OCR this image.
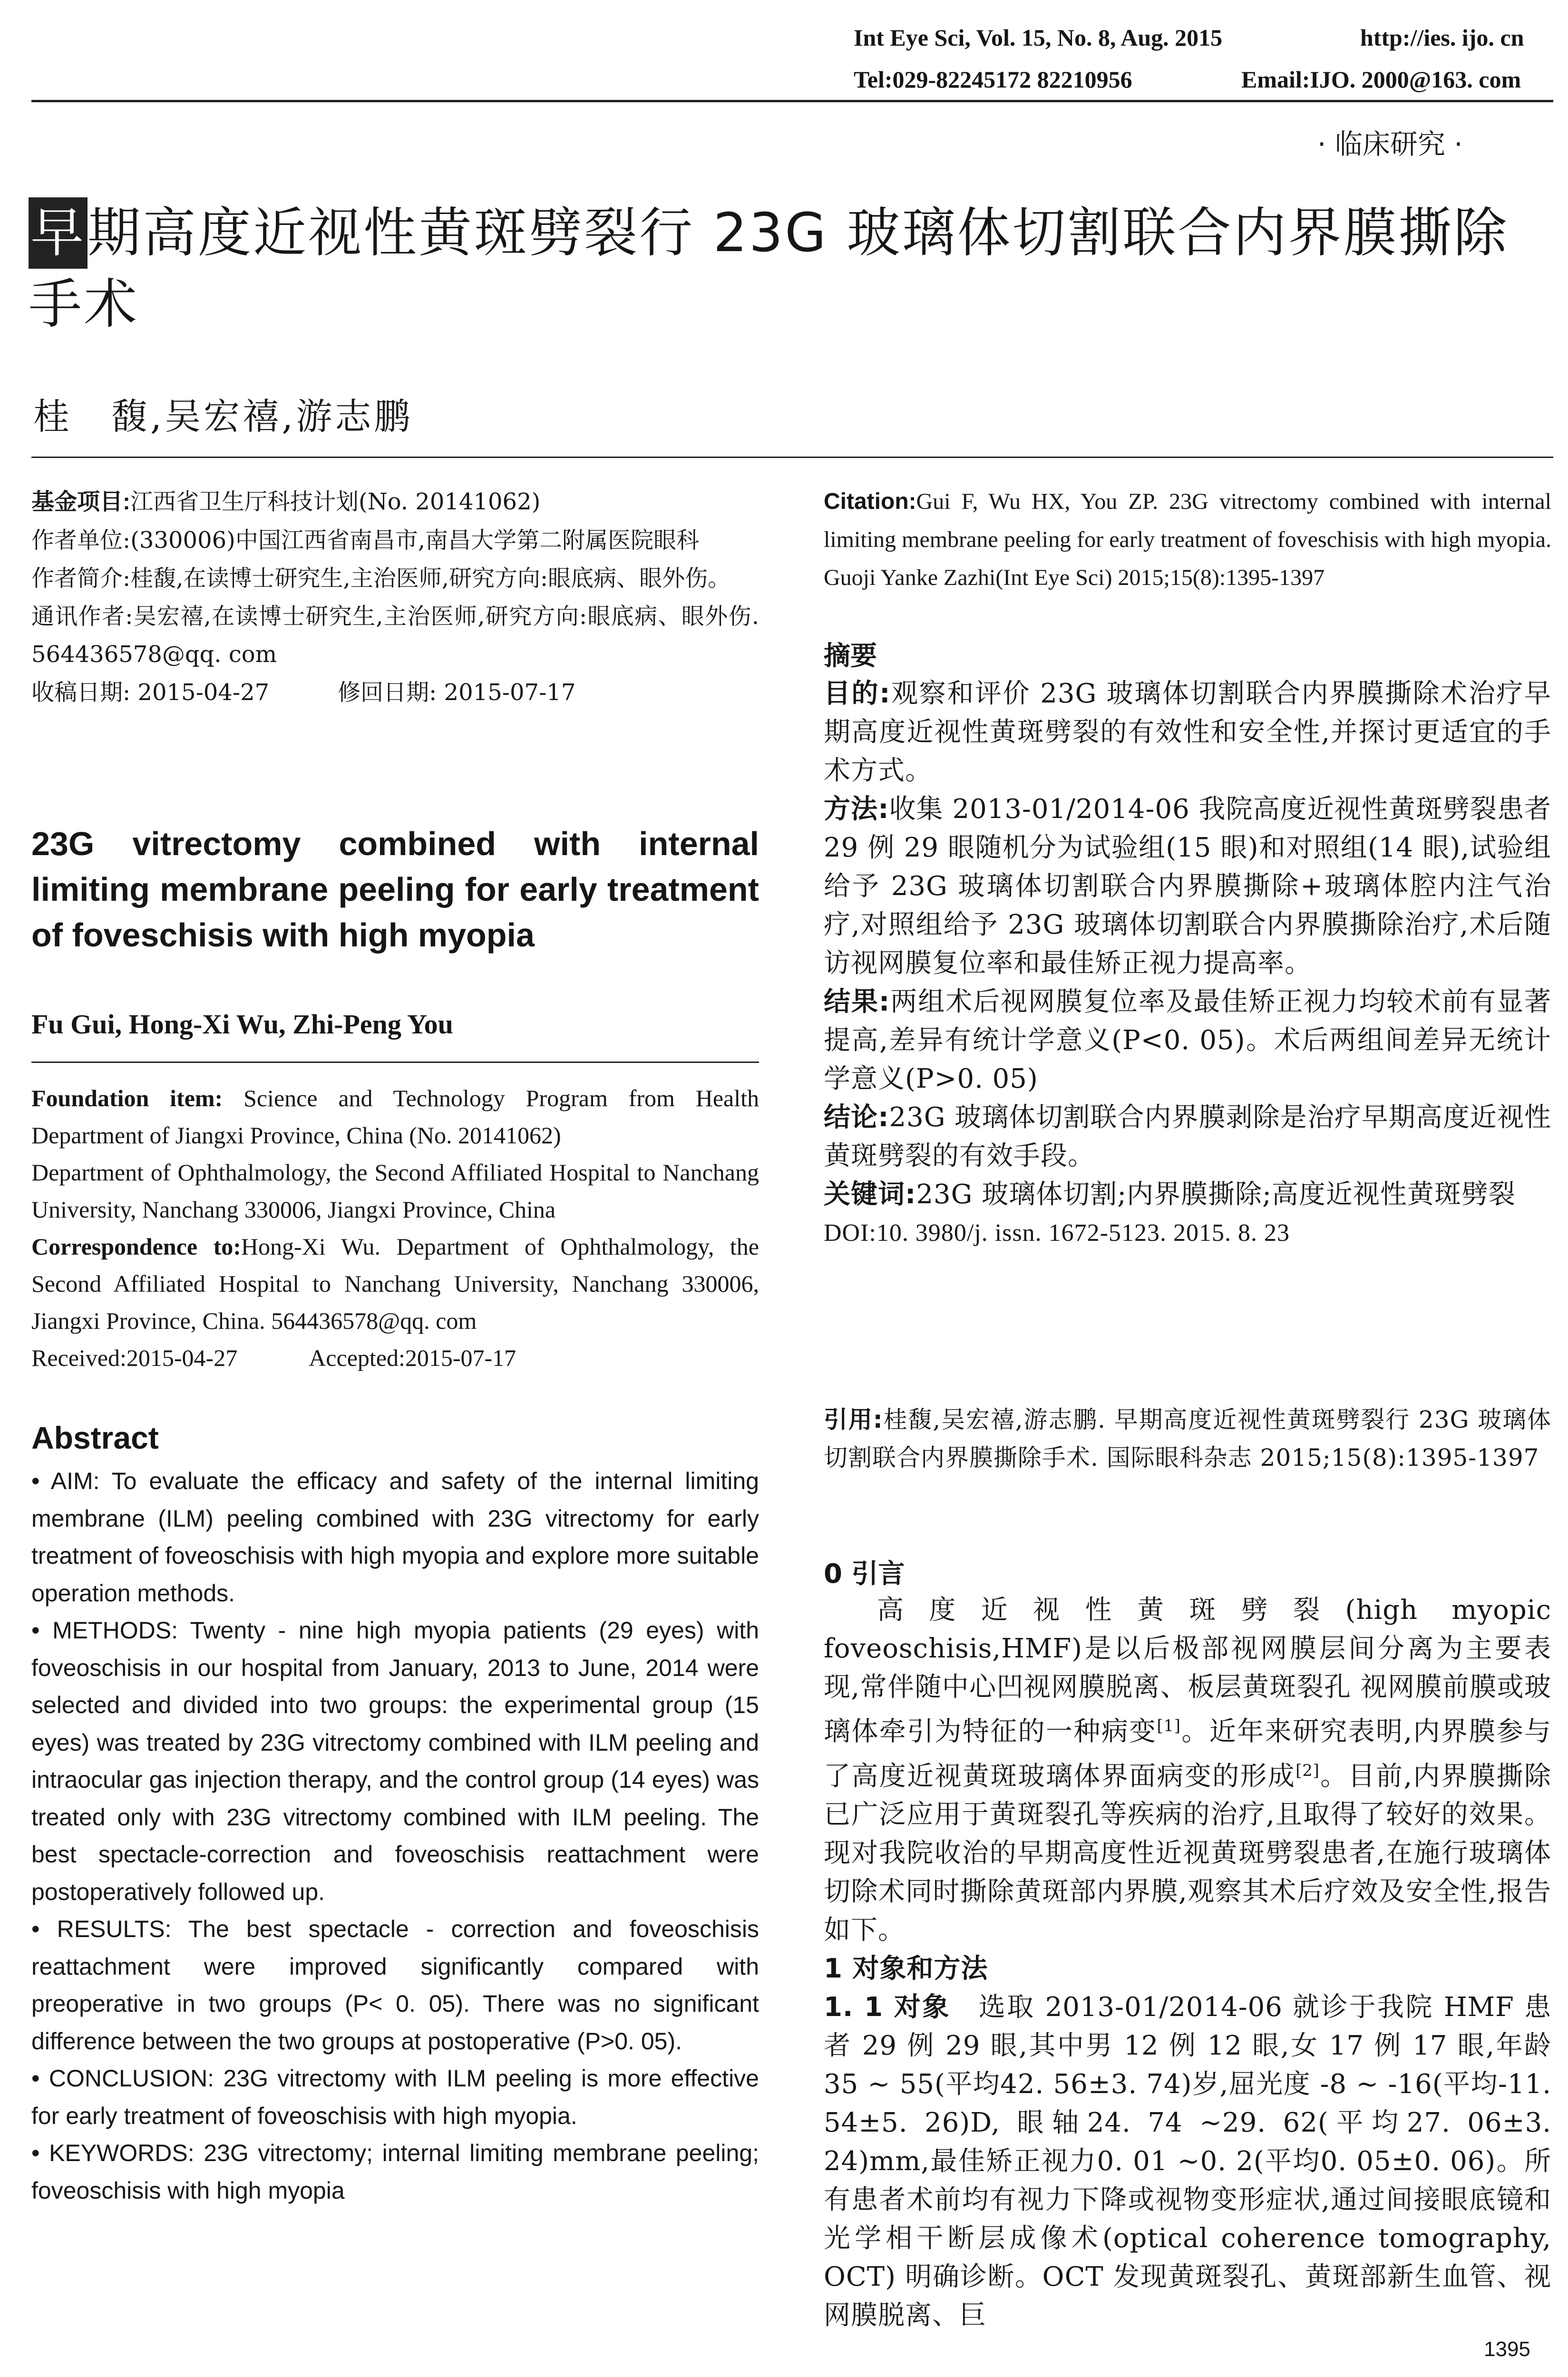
Int Eye Sci, Vol. 15, No. 8, Aug. 2015	http://ies. ijo. cn
Tel:029-82245172 82210956	Email:IJO. 2000@163. com
· 临床研究 ·
早期高度近视性黄斑劈裂行 23G 玻璃体切割联合内界膜撕除手术
桂　馥,吴宏禧,游志鹏

基金项目:江西省卫生厅科技计划(No. 20141062)

作者单位:(330006)中国江西省南昌市,南昌大学第二附属医院眼科

作者简介:桂馥,在读博士研究生,主治医师,研究方向:眼底病、眼外伤。

通讯作者:吴宏禧,在读博士研究生,主治医师,研究方向:眼底病、眼外伤. 564436578@qq. com

收稿日期: 2015-04-27　　　修回日期: 2015-07-17

23G vitrectomy combined with internal limiting membrane peeling for early treatment of foveschisis with high myopia
Fu Gui, Hong-Xi Wu, Zhi-Peng You

Foundation item: Science and Technology Program from Health Department of Jiangxi Province, China (No. 20141062)

Department of Ophthalmology, the Second Affiliated Hospital to Nanchang University, Nanchang 330006, Jiangxi Province, China

Correspondence to:Hong-Xi Wu. Department of Ophthalmology, the Second Affiliated Hospital to Nanchang University, Nanchang 330006, Jiangxi Province, China. 564436578@qq. com

Received:2015-04-27　　　Accepted:2015-07-17

Abstract

• AIM: To evaluate the efficacy and safety of the internal limiting membrane (ILM) peeling combined with 23G vitrectomy for early treatment of foveoschisis with high myopia and explore more suitable operation methods.

• METHODS: Twenty - nine high myopia patients (29 eyes) with foveoschisis in our hospital from January, 2013 to June, 2014 were selected and divided into two groups: the experimental group (15 eyes) was treated by 23G vitrectomy combined with ILM peeling and intraocular gas injection therapy, and the control group (14 eyes) was treated only with 23G vitrectomy combined with ILM peeling. The best spectacle-correction and foveoschisis reattachment were postoperatively followed up.

• RESULTS: The best spectacle - correction and foveoschisis reattachment were improved significantly compared with preoperative in two groups (P< 0. 05). There was no significant difference between the two groups at postoperative (P>0. 05).

• CONCLUSION: 23G vitrectomy with ILM peeling is more effective for early treatment of foveoschisis with high myopia.

• KEYWORDS: 23G vitrectomy; internal limiting membrane peeling; foveoschisis with high myopia

Citation:Gui F, Wu HX, You ZP. 23G vitrectomy combined with internal limiting membrane peeling for early treatment of foveschisis with high myopia. Guoji Yanke Zazhi(Int Eye Sci) 2015;15(8):1395-1397

摘要

目的:观察和评价 23G 玻璃体切割联合内界膜撕除术治疗早期高度近视性黄斑劈裂的有效性和安全性,并探讨更适宜的手术方式。

方法:收集 2013-01/2014-06 我院高度近视性黄斑劈裂患者 29 例 29 眼随机分为试验组(15 眼)和对照组(14 眼),试验组给予 23G 玻璃体切割联合内界膜撕除+玻璃体腔内注气治疗,对照组给予 23G 玻璃体切割联合内界膜撕除治疗,术后随访视网膜复位率和最佳矫正视力提高率。

结果:两组术后视网膜复位率及最佳矫正视力均较术前有显著提高,差异有统计学意义(P<0. 05)。术后两组间差异无统计学意义(P>0. 05)

结论:23G 玻璃体切割联合内界膜剥除是治疗早期高度近视性黄斑劈裂的有效手段。

关键词:23G 玻璃体切割;内界膜撕除;高度近视性黄斑劈裂

DOI:10. 3980/j. issn. 1672-5123. 2015. 8. 23

引用:桂馥,吴宏禧,游志鹏. 早期高度近视性黄斑劈裂行 23G 玻璃体切割联合内界膜撕除手术. 国际眼科杂志 2015;15(8):1395-1397

0 引言

高度近视性黄斑劈裂(high myopic foveoschisis,HMF)是以后极部视网膜层间分离为主要表现,常伴随中心凹视网膜脱离、板层黄斑裂孔 视网膜前膜或玻璃体牵引为特征的一种病变[1]。近年来研究表明,内界膜参与了高度近视黄斑玻璃体界面病变的形成[2]。目前,内界膜撕除已广泛应用于黄斑裂孔等疾病的治疗,且取得了较好的效果。现对我院收治的早期高度性近视黄斑劈裂患者,在施行玻璃体切除术同时撕除黄斑部内界膜,观察其术后疗效及安全性,报告如下。

1 对象和方法

1. 1 对象　 选取 2013-01/2014-06 就诊于我院 HMF 患者 29 例 29 眼,其中男 12 例 12 眼,女 17 例 17 眼,年龄 35 ~ 55(平均42. 56±3. 74)岁,屈光度 -8 ~ -16(平均-11. 54±5. 26)D, 眼轴24. 74 ~29. 62(平均27. 06±3. 24)mm,最佳矫正视力0. 01 ~0. 2(平均0. 05±0. 06)。所有患者术前均有视力下降或视物变形症状,通过间接眼底镜和光学相干断层成像术(optical coherence tomography, OCT) 明确诊断。OCT 发现黄斑裂孔、黄斑部新生血管、视网膜脱离、巨

1395
